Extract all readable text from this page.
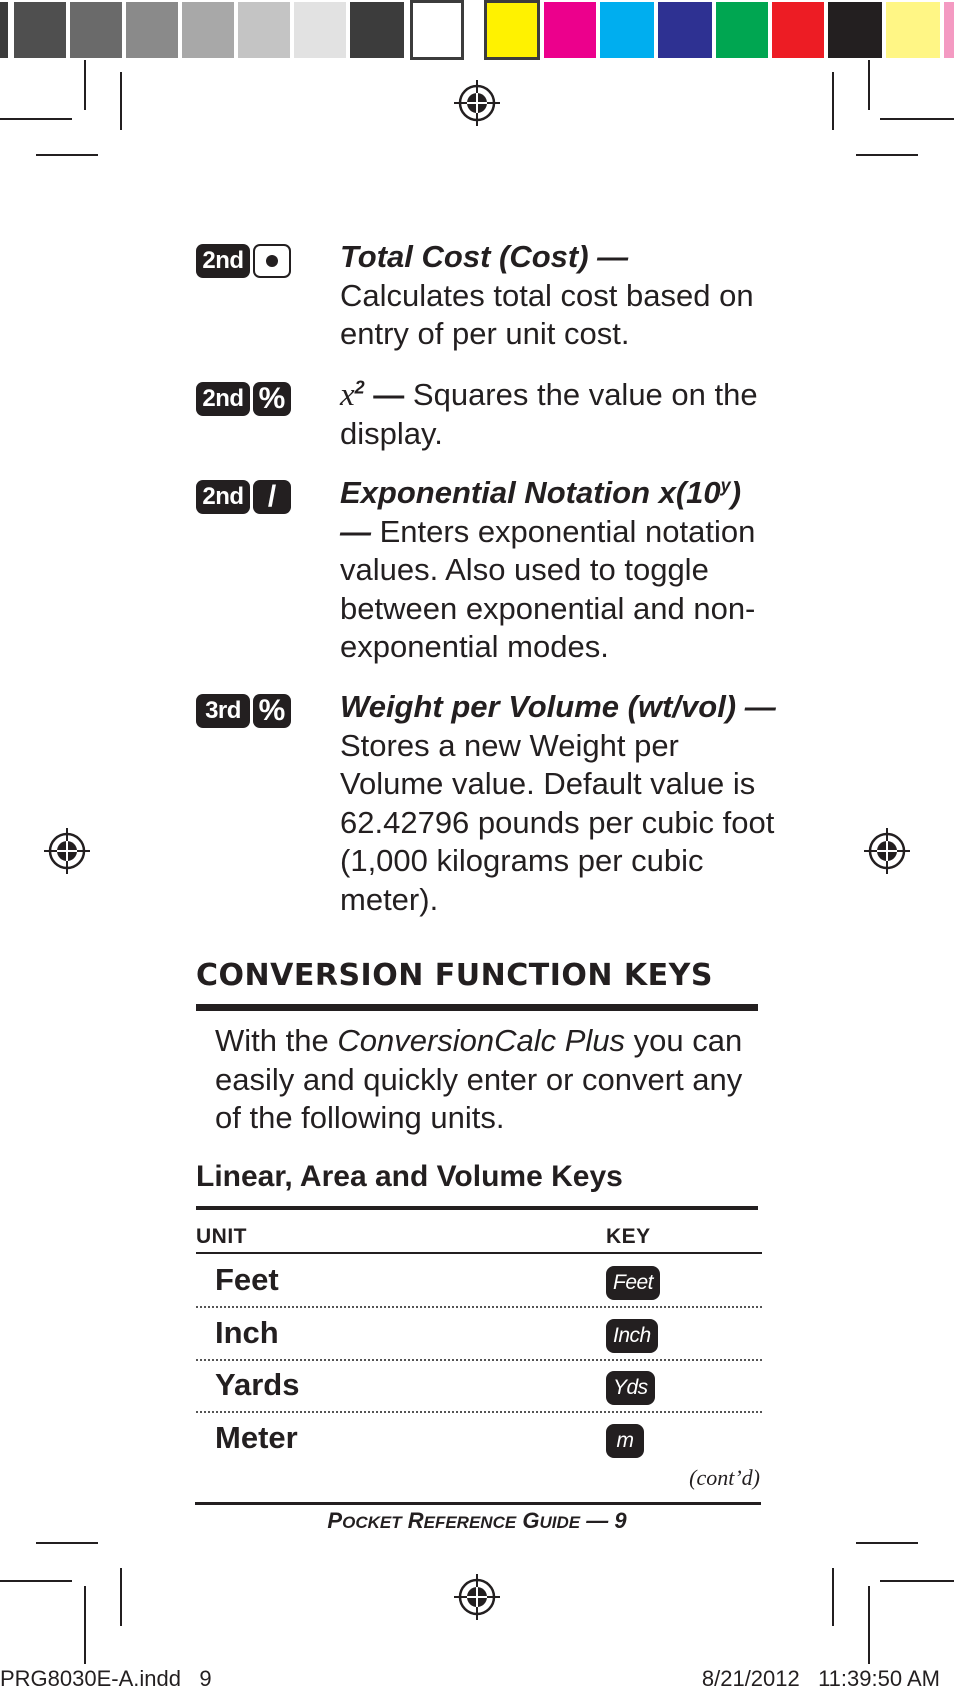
2nd	Total Cost (Cost) — Calculates total cost based on entry of per unit cost.
2nd % $x^2$ — Squares the value on the display.
2nd /	Exponential Notation x(10$^y$) — Enters exponential notation values. Also used to toggle between exponential and non-exponential modes.
3rd % Weight per Volume (wt/vol) — Stores a new Weight per Volume value. Default value is 62.42796 pounds per cubic foot (1,000 kilograms per cubic meter).
CONVERSION FUNCTION KEYS
With the ConversionCalc Plus you can easily and quickly enter or convert any of the following units.
Linear, Area and Volume Keys
UNIT	KEY
Feet	Feet
Inch	Inch
Yards	Yds
Meter	m
(cont’d)
POCKET REFERENCE GUIDE — 9
PRG8030E-A.indd   9	8/21/2012   11:39:50 AM
